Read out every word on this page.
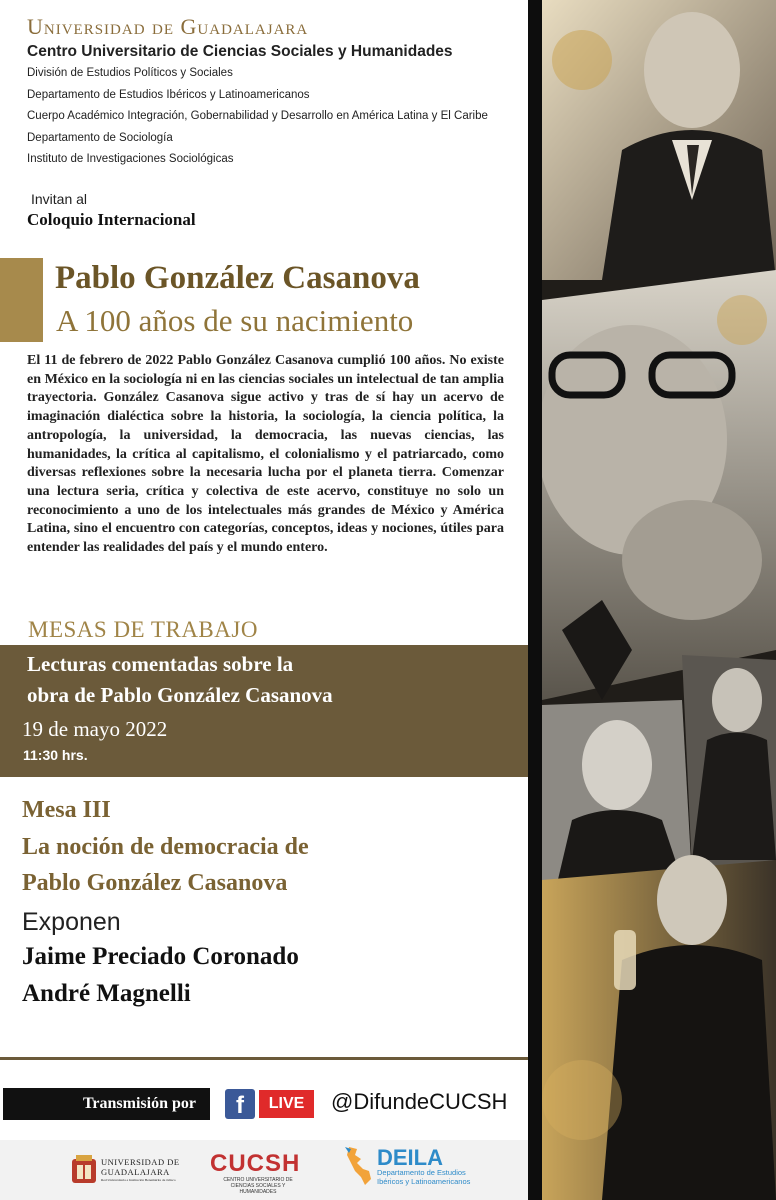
Universidad de Guadalajara
Centro Universitario de Ciencias Sociales y Humanidades
División de Estudios Políticos y Sociales
Departamento de Estudios Ibéricos y Latinoamericanos
Cuerpo Académico Integración, Gobernabilidad y Desarrollo en América Latina y El Caribe
Departamento de Sociología
Instituto de Investigaciones Sociológicas
Invitan al
Coloquio Internacional
Pablo González Casanova
A 100 años de su nacimiento
El 11 de febrero de 2022 Pablo González Casanova cumplió 100 años. No existe en México en la sociología ni en las ciencias sociales un intelectual de tan amplia trayectoria. González Casanova sigue activo y tras de sí hay un acervo de imaginación dialéctica sobre la historia, la sociología, la ciencia política, la antropología, la universidad, la democracia, las nuevas ciencias, las humanidades, la crítica al capitalismo, el colonialismo y el patriarcado, como diversas reflexiones sobre la necesaria lucha por el planeta tierra. Comenzar una lectura seria, crítica y colectiva de este acervo, constituye no solo un reconocimiento a uno de los intelectuales más grandes de México y América Latina, sino el encuentro con categorías, conceptos, ideas y nociones, útiles para entender las realidades del país y el mundo entero.
MESAS DE TRABAJO
Lecturas comentadas sobre la
obra de Pablo González Casanova
19 de mayo 2022
11:30 hrs.
Mesa III
La noción de democracia de
Pablo González Casanova
Exponen
Jaime Preciado Coronado
André Magnelli
Transmisión por	f	LIVE	@DifundeCUCSH
UNIVERSIDAD DE
GUADALAJARA
Red Universitaria e Institución Benemérita de Jalisco
CUCSH
CENTRO UNIVERSITARIO DE CIENCIAS SOCIALES Y HUMANIDADES
DEILA
Departamento de Estudios
Ibéricos y Latinoamericanos
